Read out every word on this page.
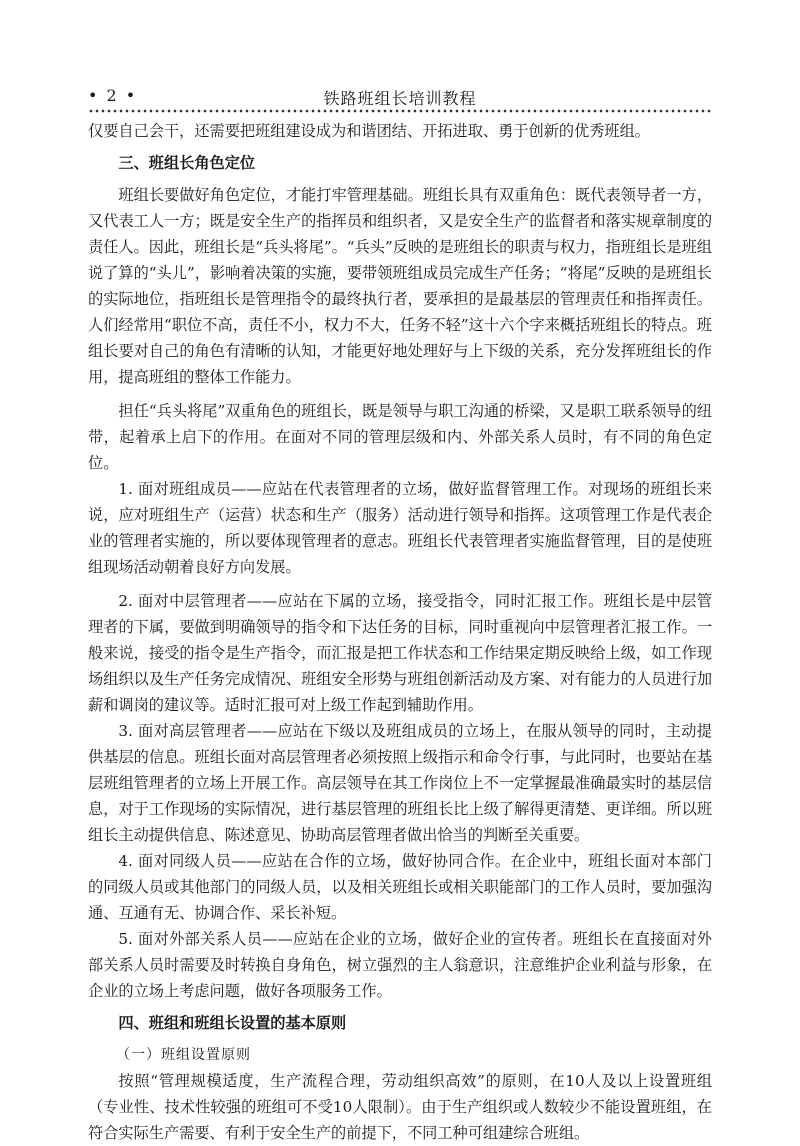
• 2 •	铁路班组长培训教程

仅要自己会干，还需要把班组建设成为和谐团结、开拓进取、勇于创新的优秀班组。

三、班组长角色定位

班组长要做好角色定位，才能打牢管理基础。班组长具有双重角色：既代表领导者一方，又代表工人一方；既是安全生产的指挥员和组织者，又是安全生产的监督者和落实规章制度的责任人。因此，班组长是“兵头将尾”。“兵头”反映的是班组长的职责与权力，指班组长是班组说了算的“头儿”，影响着决策的实施，要带领班组成员完成生产任务；“将尾”反映的是班组长的实际地位，指班组长是管理指令的最终执行者，要承担的是最基层的管理责任和指挥责任。人们经常用“职位不高，责任不小，权力不大，任务不轻”这十六个字来概括班组长的特点。班组长要对自己的角色有清晰的认知，才能更好地处理好与上下级的关系，充分发挥班组长的作用，提高班组的整体工作能力。

担任“兵头将尾”双重角色的班组长，既是领导与职工沟通的桥梁，又是职工联系领导的纽带，起着承上启下的作用。在面对不同的管理层级和内、外部关系人员时，有不同的角色定位。

1. 面对班组成员——应站在代表管理者的立场，做好监督管理工作。对现场的班组长来说，应对班组生产（运营）状态和生产（服务）活动进行领导和指挥。这项管理工作是代表企业的管理者实施的，所以要体现管理者的意志。班组长代表管理者实施监督管理，目的是使班组现场活动朝着良好方向发展。

2. 面对中层管理者——应站在下属的立场，接受指令，同时汇报工作。班组长是中层管理者的下属，要做到明确领导的指令和下达任务的目标，同时重视向中层管理者汇报工作。一般来说，接受的指令是生产指令，而汇报是把工作状态和工作结果定期反映给上级，如工作现场组织以及生产任务完成情况、班组安全形势与班组创新活动及方案、对有能力的人员进行加薪和调岗的建议等。适时汇报可对上级工作起到辅助作用。

3. 面对高层管理者——应站在下级以及班组成员的立场上，在服从领导的同时，主动提供基层的信息。班组长面对高层管理者必须按照上级指示和命令行事，与此同时，也要站在基层班组管理者的立场上开展工作。高层领导在其工作岗位上不一定掌握最准确最实时的基层信息，对于工作现场的实际情况，进行基层管理的班组长比上级了解得更清楚、更详细。所以班组长主动提供信息、陈述意见、协助高层管理者做出恰当的判断至关重要。

4. 面对同级人员——应站在合作的立场，做好协同合作。在企业中，班组长面对本部门的同级人员或其他部门的同级人员，以及相关班组长或相关职能部门的工作人员时，要加强沟通、互通有无、协调合作、采长补短。

5. 面对外部关系人员——应站在企业的立场，做好企业的宣传者。班组长在直接面对外部关系人员时需要及时转换自身角色，树立强烈的主人翁意识，注意维护企业利益与形象，在企业的立场上考虑问题，做好各项服务工作。

四、班组和班组长设置的基本原则
（一）班组设置原则

按照“管理规模适度，生产流程合理，劳动组织高效”的原则，在10人及以上设置班组（专业性、技术性较强的班组可不受10人限制）。由于生产组织或人数较少不能设置班组，在符合实际生产需要、有利于安全生产的前提下，不同工种可组建综合班组。
